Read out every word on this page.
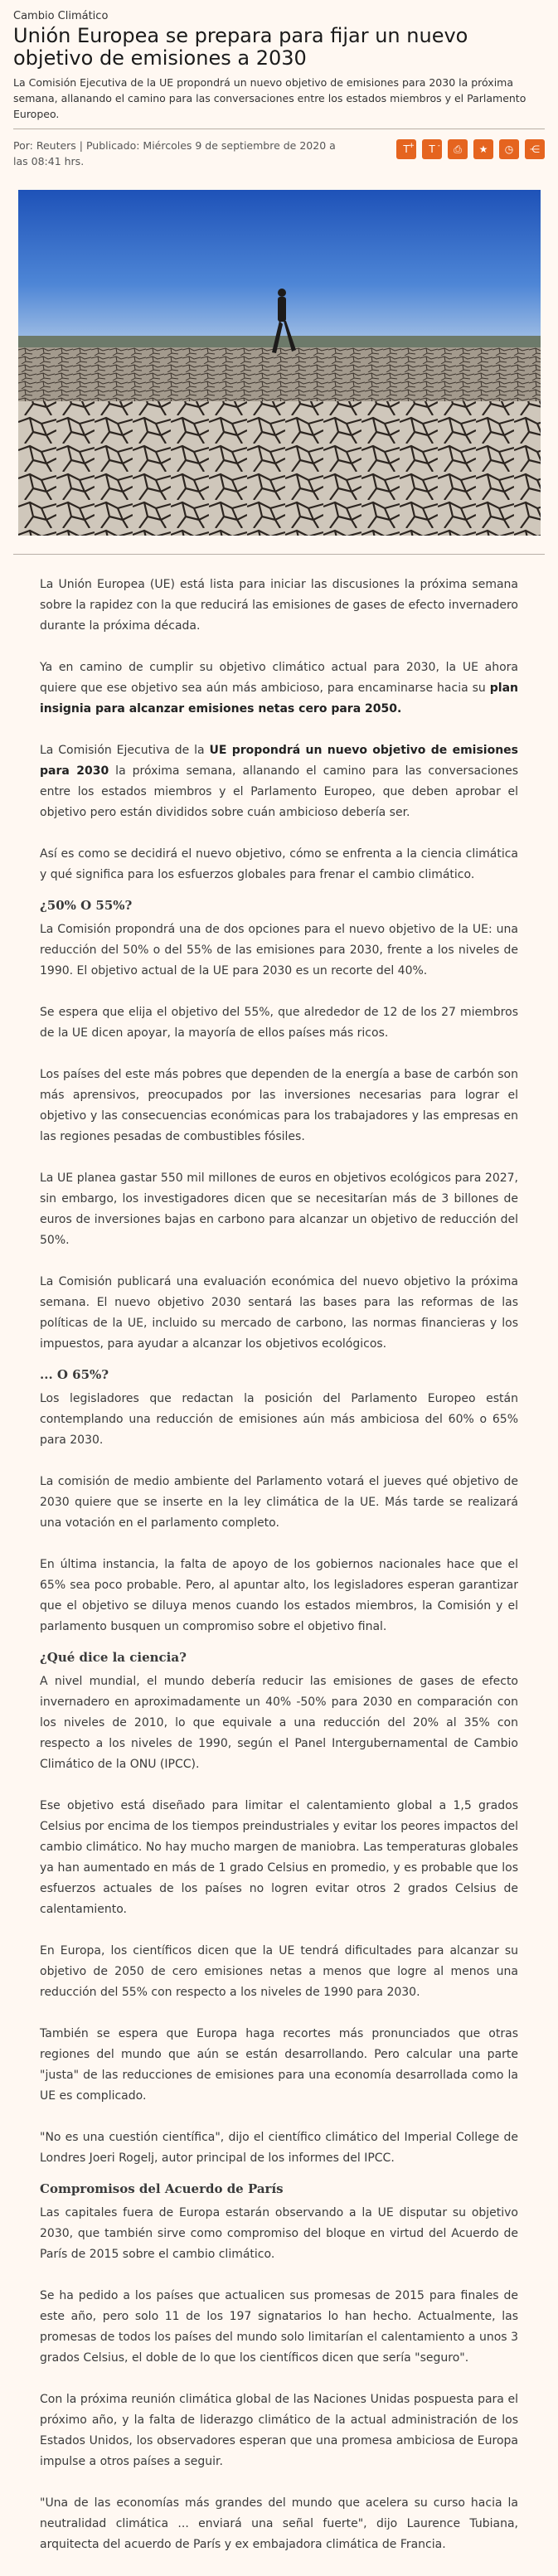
Cambio Climático
Unión Europea se prepara para fijar un nuevo objetivo de emisiones a 2030
La Comisión Ejecutiva de la UE propondrá un nuevo objetivo de emisiones para 2030 la próxima semana, allanando el camino para las conversaciones entre los estados miembros y el Parlamento Europeo.
Por: Reuters | Publicado: Miércoles 9 de septiembre de 2020 a las 08:41 hrs.
T
+ T - ⎙ ★ ◷ ⋲

La Unión Europea (UE) está lista para iniciar las discusiones la próxima semana sobre la rapidez con la que reducirá las emisiones de gases de efecto invernadero durante la próxima década.

Ya en camino de cumplir su objetivo climático actual para 2030, la UE ahora quiere que ese objetivo sea aún más ambicioso, para encaminarse hacia su plan insignia para alcanzar emisiones netas cero para 2050.

La Comisión Ejecutiva de la UE propondrá un nuevo objetivo de emisiones para 2030 la próxima semana, allanando el camino para las conversaciones entre los estados miembros y el Parlamento Europeo, que deben aprobar el objetivo pero están divididos sobre cuán ambicioso debería ser.

Así es como se decidirá el nuevo objetivo, cómo se enfrenta a la ciencia climática y qué significa para los esfuerzos globales para frenar el cambio climático.

¿50% O 55%?

La Comisión propondrá una de dos opciones para el nuevo objetivo de la UE: una reducción del 50% o del 55% de las emisiones para 2030, frente a los niveles de 1990. El objetivo actual de la UE para 2030 es un recorte del 40%.

Se espera que elija el objetivo del 55%, que alrededor de 12 de los 27 miembros de la UE dicen apoyar, la mayoría de ellos países más ricos.

Los países del este más pobres que dependen de la energía a base de carbón son más aprensivos, preocupados por las inversiones necesarias para lograr el objetivo y las consecuencias económicas para los trabajadores y las empresas en las regiones pesadas de combustibles fósiles.

La UE planea gastar 550 mil millones de euros en objetivos ecológicos para 2027, sin embargo, los investigadores dicen que se necesitarían más de 3 billones de euros de inversiones bajas en carbono para alcanzar un objetivo de reducción del 50%.

La Comisión publicará una evaluación económica del nuevo objetivo la próxima semana. El nuevo objetivo 2030 sentará las bases para las reformas de las políticas de la UE, incluido su mercado de carbono, las normas financieras y los impuestos, para ayudar a alcanzar los objetivos ecológicos.

... O 65%?

Los legisladores que redactan la posición del Parlamento Europeo están contemplando una reducción de emisiones aún más ambiciosa del 60% o 65% para 2030.

La comisión de medio ambiente del Parlamento votará el jueves qué objetivo de 2030 quiere que se inserte en la ley climática de la UE. Más tarde se realizará una votación en el parlamento completo.

En última instancia, la falta de apoyo de los gobiernos nacionales hace que el 65% sea poco probable. Pero, al apuntar alto, los legisladores esperan garantizar que el objetivo se diluya menos cuando los estados miembros, la Comisión y el parlamento busquen un compromiso sobre el objetivo final.

¿Qué dice la ciencia?

A nivel mundial, el mundo debería reducir las emisiones de gases de efecto invernadero en aproximadamente un 40% -50% para 2030 en comparación con los niveles de 2010, lo que equivale a una reducción del 20% al 35% con respecto a los niveles de 1990, según el Panel Intergubernamental de Cambio Climático de la ONU (IPCC).

Ese objetivo está diseñado para limitar el calentamiento global a 1,5 grados Celsius por encima de los tiempos preindustriales y evitar los peores impactos del cambio climático. No hay mucho margen de maniobra. Las temperaturas globales ya han aumentado en más de 1 grado Celsius en promedio, y es probable que los esfuerzos actuales de los países no logren evitar otros 2 grados Celsius de calentamiento.

En Europa, los científicos dicen que la UE tendrá dificultades para alcanzar su objetivo de 2050 de cero emisiones netas a menos que logre al menos una reducción del 55% con respecto a los niveles de 1990 para 2030.

También se espera que Europa haga recortes más pronunciados que otras regiones del mundo que aún se están desarrollando. Pero calcular una parte "justa" de las reducciones de emisiones para una economía desarrollada como la UE es complicado.

"No es una cuestión científica", dijo el científico climático del Imperial College de Londres Joeri Rogelj, autor principal de los informes del IPCC.

Compromisos del Acuerdo de París

Las capitales fuera de Europa estarán observando a la UE disputar su objetivo 2030, que también sirve como compromiso del bloque en virtud del Acuerdo de París de 2015 sobre el cambio climático.

Se ha pedido a los países que actualicen sus promesas de 2015 para finales de este año, pero solo 11 de los 197 signatarios lo han hecho. Actualmente, las promesas de todos los países del mundo solo limitarían el calentamiento a unos 3 grados Celsius, el doble de lo que los científicos dicen que sería "seguro".

Con la próxima reunión climática global de las Naciones Unidas pospuesta para el próximo año, y la falta de liderazgo climático de la actual administración de los Estados Unidos, los observadores esperan que una promesa ambiciosa de Europa impulse a otros países a seguir.

"Una de las economías más grandes del mundo que acelera su curso hacia la neutralidad climática ... enviará una señal fuerte", dijo Laurence Tubiana, arquitecta del acuerdo de París y ex embajadora climática de Francia.
